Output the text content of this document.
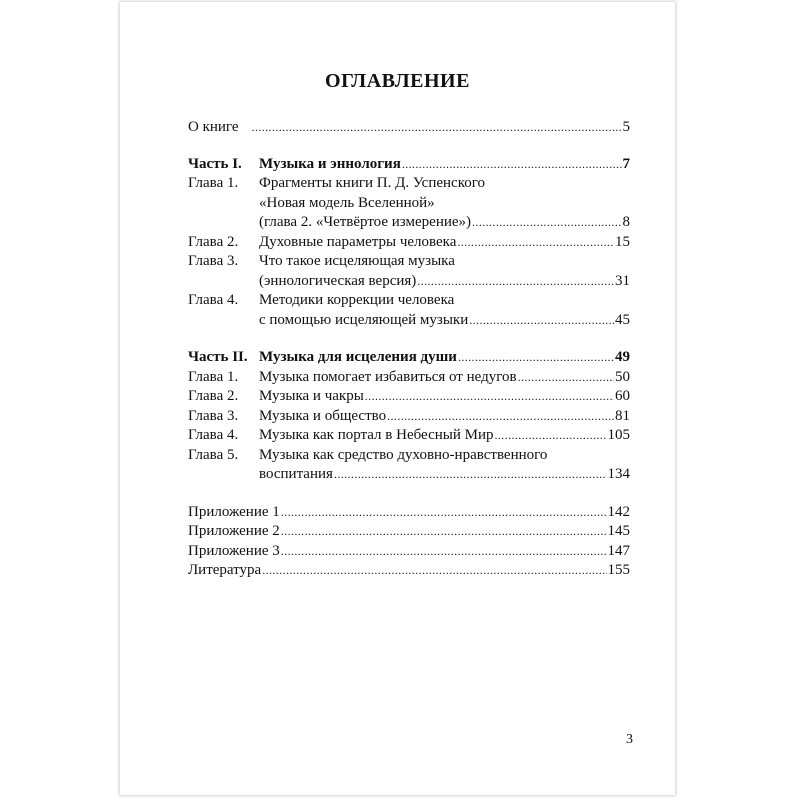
ОГЛАВЛЕНИЕ
О книге .....	5
Часть I.	Музыка и эннология .....	7
Глава 1.	Фрагменты книги П. Д. Успенского
«Новая модель Вселенной»
(глава 2. «Четвёртое измерение») .....	8
Глава 2.	Духовные параметры человека .....	15
Глава 3.	Что такое исцеляющая музыка
(эннологическая версия) .....	31
Глава 4.	Методики коррекции человека
с помощью исцеляющей музыки .....	45
Часть II. Музыка для исцеления души .....	49
Глава 1.	Музыка помогает избавиться от недугов .....	50
Глава 2.	Музыка и чакры .....	60
Глава 3.	Музыка и общество .....	81
Глава 4.	Музыка как портал в Небесный Мир .....	105
Глава 5.	Музыка как средство духовно-нравственного
воспитания .....	134
Приложение 1 .....	142
Приложение 2 .....	145
Приложение 3 .....	147
Литература .....	155
3
